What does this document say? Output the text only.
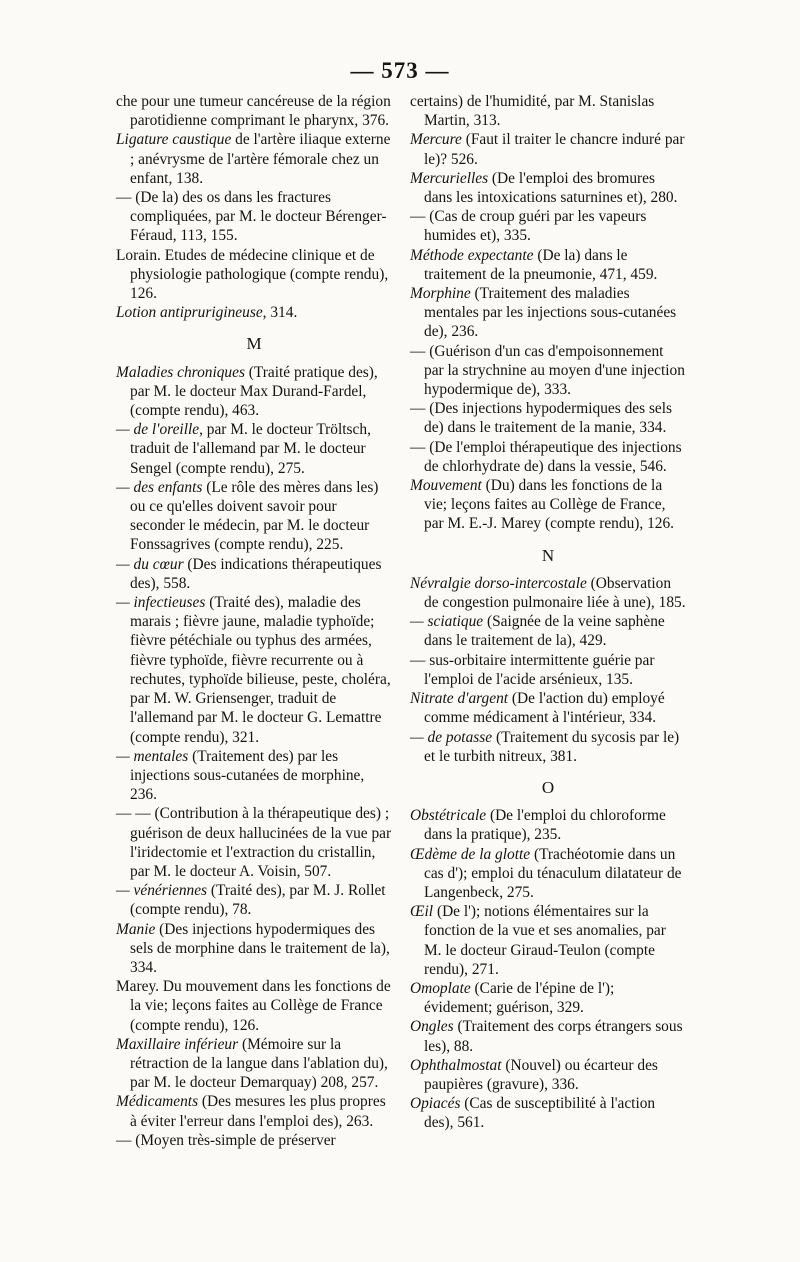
— 573 —

che pour une tumeur cancéreuse de la région parotidienne comprimant le pharynx, 376.

Ligature caustique de l'artère iliaque externe ; anévrysme de l'artère fémorale chez un enfant, 138.

— (De la) des os dans les fractures compliquées, par M. le docteur Bérenger-Féraud, 113, 155.

Lorain. Etudes de médecine clinique et de physiologie pathologique (compte rendu), 126.

Lotion antiprurigineuse, 314.

M

Maladies chroniques (Traité pratique des), par M. le docteur Max Durand-Fardel, (compte rendu), 463.

— de l'oreille, par M. le docteur Tröltsch, traduit de l'allemand par M. le docteur Sengel (compte rendu), 275.

— des enfants (Le rôle des mères dans les) ou ce qu'elles doivent savoir pour seconder le médecin, par M. le docteur Fonssagrives (compte rendu), 225.

— du cœur (Des indications thérapeutiques des), 558.

— infectieuses (Traité des), maladie des marais ; fièvre jaune, maladie typhoïde; fièvre pétéchiale ou typhus des armées, fièvre typhoïde, fièvre recurrente ou à rechutes, typhoïde bilieuse, peste, choléra, par M. W. Griensenger, traduit de l'allemand par M. le docteur G. Lemattre (compte rendu), 321.

— mentales (Traitement des) par les injections sous-cutanées de morphine, 236.

— — (Contribution à la thérapeutique des) ; guérison de deux hallucinées de la vue par l'iridectomie et l'extraction du cristallin, par M. le docteur A. Voisin, 507.

— vénériennes (Traité des), par M. J. Rollet (compte rendu), 78.

Manie (Des injections hypodermiques des sels de morphine dans le traitement de la), 334.

Marey. Du mouvement dans les fonctions de la vie; leçons faites au Collège de France (compte rendu), 126.

Maxillaire inférieur (Mémoire sur la rétraction de la langue dans l'ablation du), par M. le docteur Demarquay) 208, 257.

Médicaments (Des mesures les plus propres à éviter l'erreur dans l'emploi des), 263.

— (Moyen très-simple de préserver

certains) de l'humidité, par M. Stanislas Martin, 313.

Mercure (Faut il traiter le chancre induré par le)? 526.

Mercurielles (De l'emploi des bromures dans les intoxications saturnines et), 280.

— (Cas de croup guéri par les vapeurs humides et), 335.

Méthode expectante (De la) dans le traitement de la pneumonie, 471, 459.

Morphine (Traitement des maladies mentales par les injections sous-cutanées de), 236.

— (Guérison d'un cas d'empoisonnement par la strychnine au moyen d'une injection hypodermique de), 333.

— (Des injections hypodermiques des sels de) dans le traitement de la manie, 334.

— (De l'emploi thérapeutique des injections de chlorhydrate de) dans la vessie, 546.

Mouvement (Du) dans les fonctions de la vie; leçons faites au Collège de France, par M. E.-J. Marey (compte rendu), 126.

N

Névralgie dorso-intercostale (Observation de congestion pulmonaire liée à une), 185.

— sciatique (Saignée de la veine saphène dans le traitement de la), 429.

— sus-orbitaire intermittente guérie par l'emploi de l'acide arsénieux, 135.

Nitrate d'argent (De l'action du) employé comme médicament à l'intérieur, 334.

— de potasse (Traitement du sycosis par le) et le turbith nitreux, 381.

O

Obstétricale (De l'emploi du chloroforme dans la pratique), 235.

Œdème de la glotte (Trachéotomie dans un cas d'); emploi du ténaculum dilatateur de Langenbeck, 275.

Œil (De l'); notions élémentaires sur la fonction de la vue et ses anomalies, par M. le docteur Giraud-Teulon (compte rendu), 271.

Omoplate (Carie de l'épine de l'); évidement; guérison, 329.

Ongles (Traitement des corps étrangers sous les), 88.

Ophthalmostat (Nouvel) ou écarteur des paupières (gravure), 336.

Opiacés (Cas de susceptibilité à l'action des), 561.
